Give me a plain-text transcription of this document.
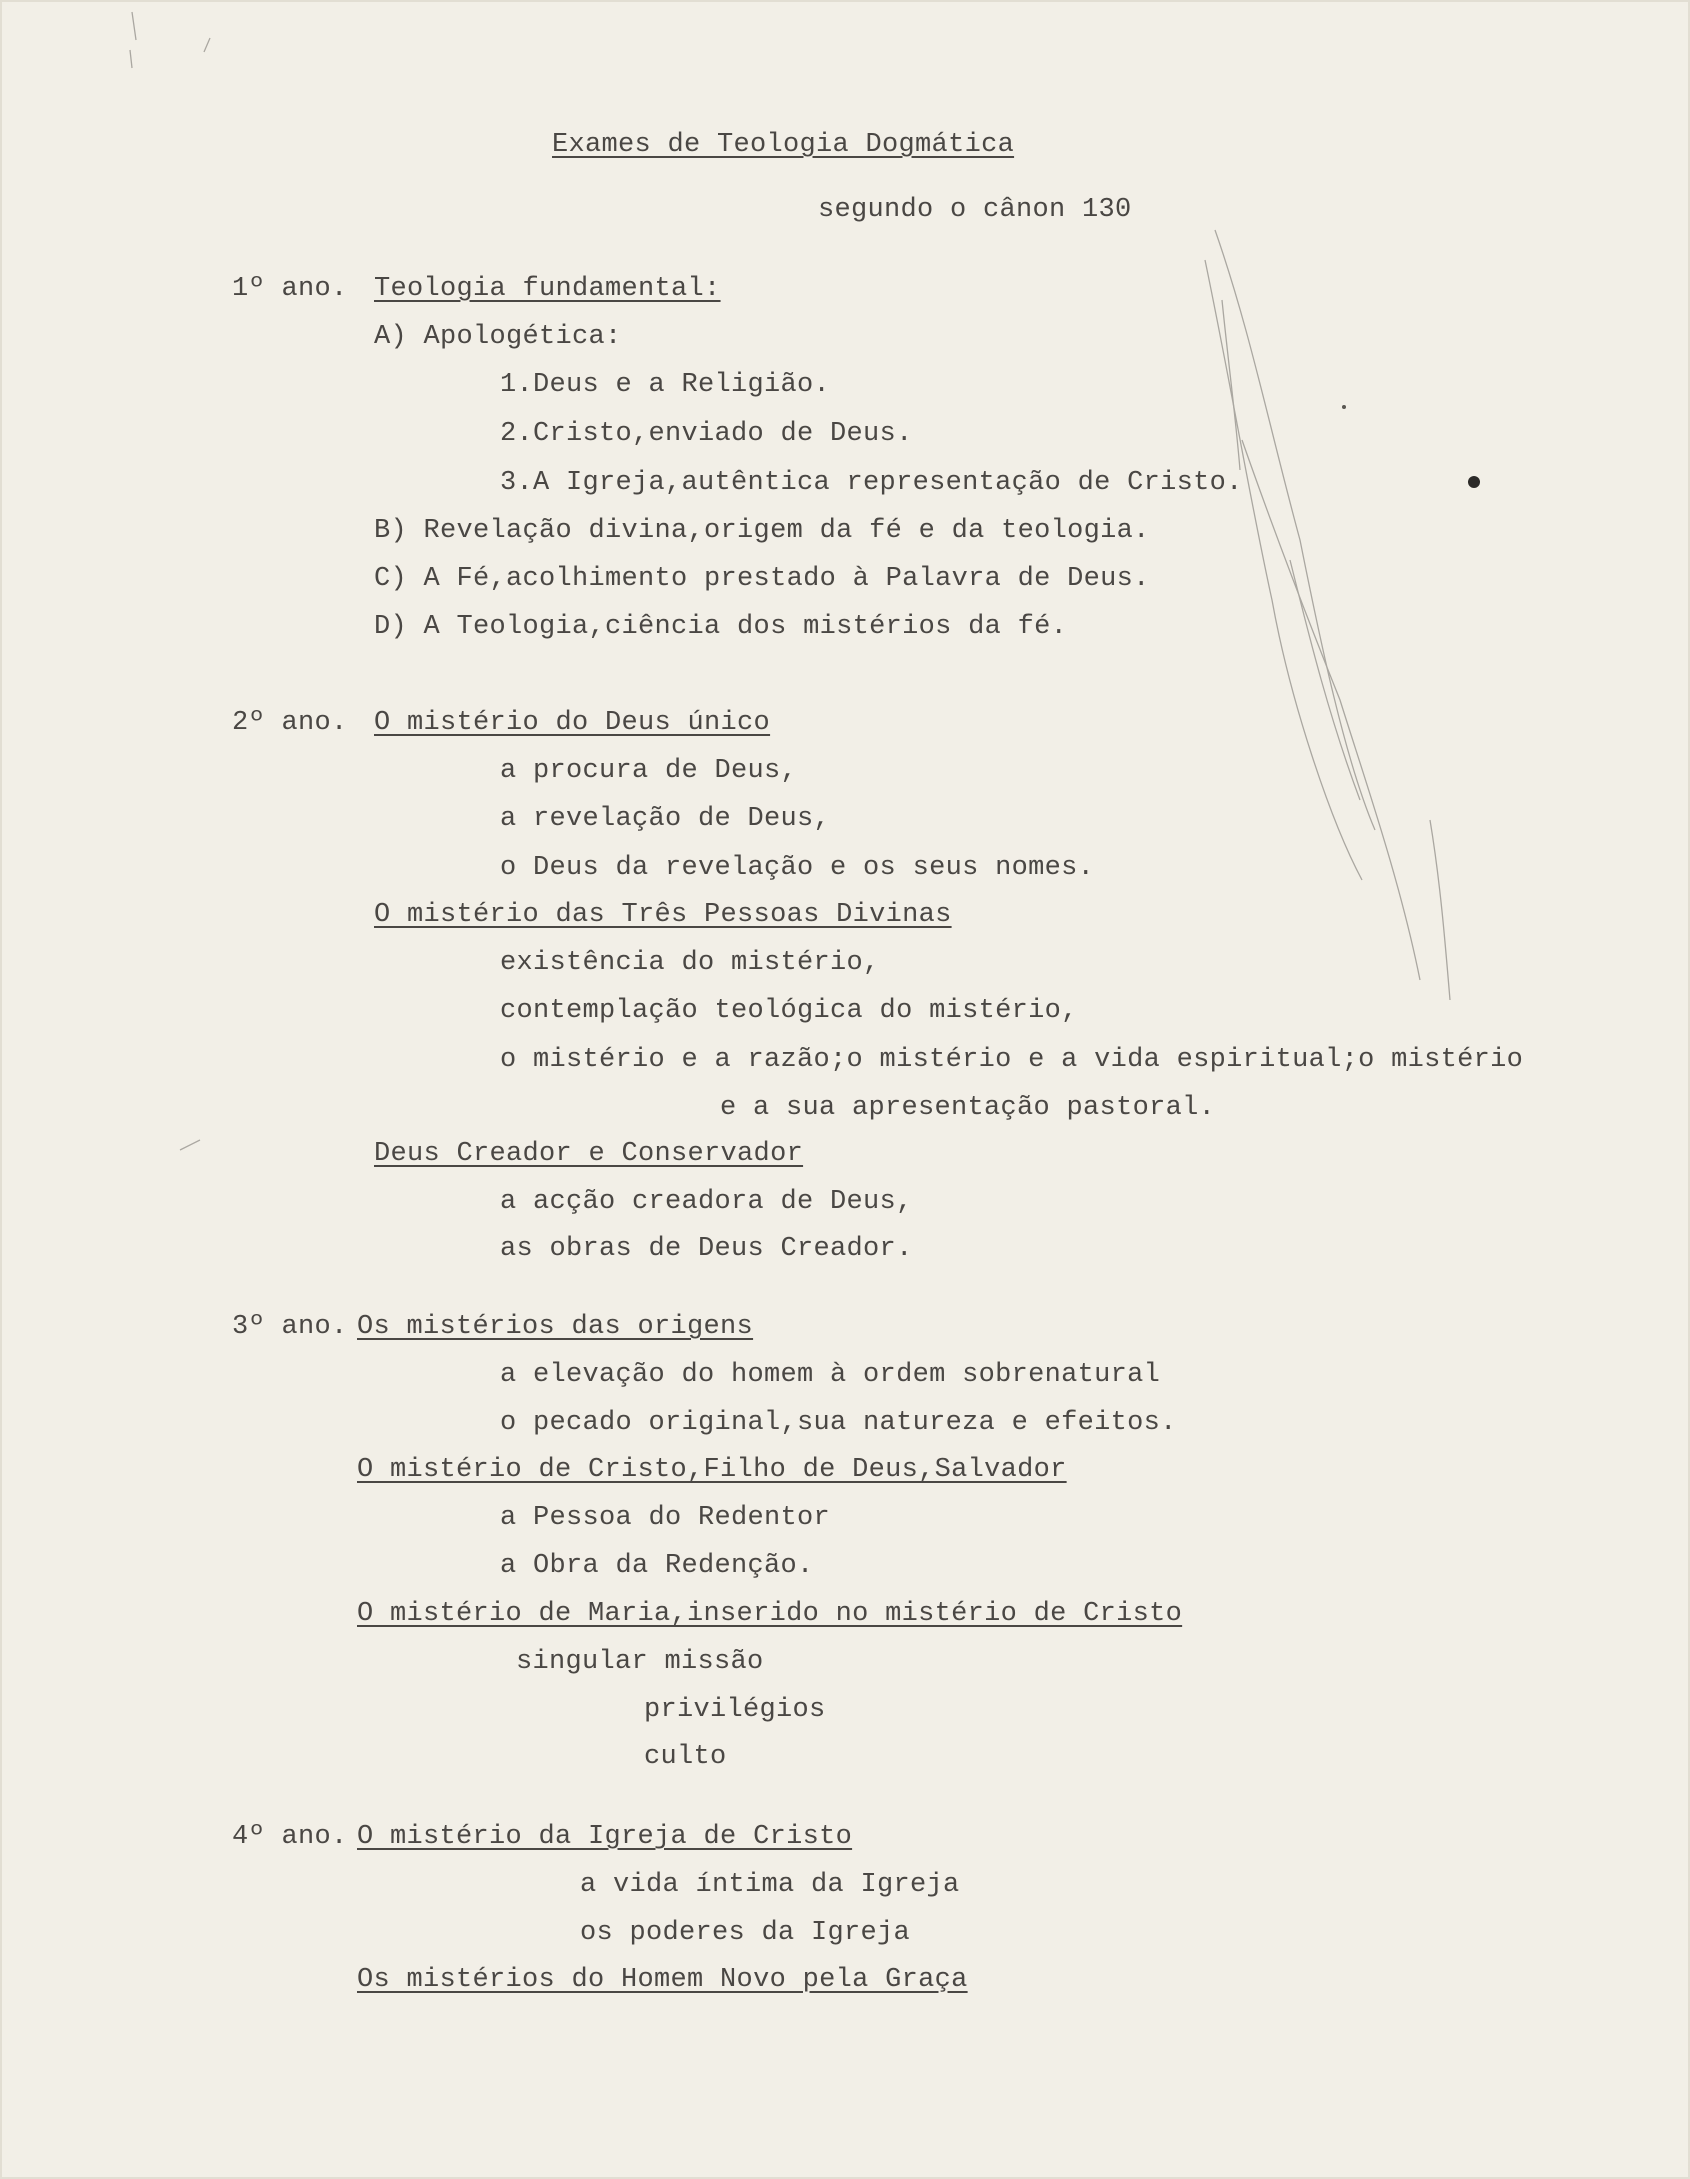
Exames de Teologia Dogmática
segundo o cânon 130
1º ano. Teologia fundamental:
A) Apologética:
1.Deus e a Religião.
2.Cristo,enviado de Deus.
3.A Igreja,autêntica representação de Cristo.
B) Revelação divina,origem da fé e da teologia.
C) A Fé,acolhimento prestado à Palavra de Deus.
D) A Teologia,ciência dos mistérios da fé.
2º ano. O mistério do Deus único
a procura de Deus,
a revelação de Deus,
o Deus da revelação e os seus nomes.
O mistério das Três Pessoas Divinas
existência do mistério,
contemplação teológica do mistério,
o mistério e a razão;o mistério e a vida espiritual;o mistério
e a sua apresentação pastoral.
Deus Creador e Conservador
a acção creadora de Deus,
as obras de Deus Creador.
3º ano. Os mistérios das origens
a elevação do homem à ordem sobrenatural
o pecado original,sua natureza e efeitos.
O mistério de Cristo,Filho de Deus,Salvador
a Pessoa do Redentor
a Obra da Redenção.
O mistério de Maria,inserido no mistério de Cristo
singular missão
privilégios
culto
4º ano. O mistério da Igreja de Cristo
a vida íntima da Igreja
os poderes da Igreja
Os mistérios do Homem Novo pela Graça
